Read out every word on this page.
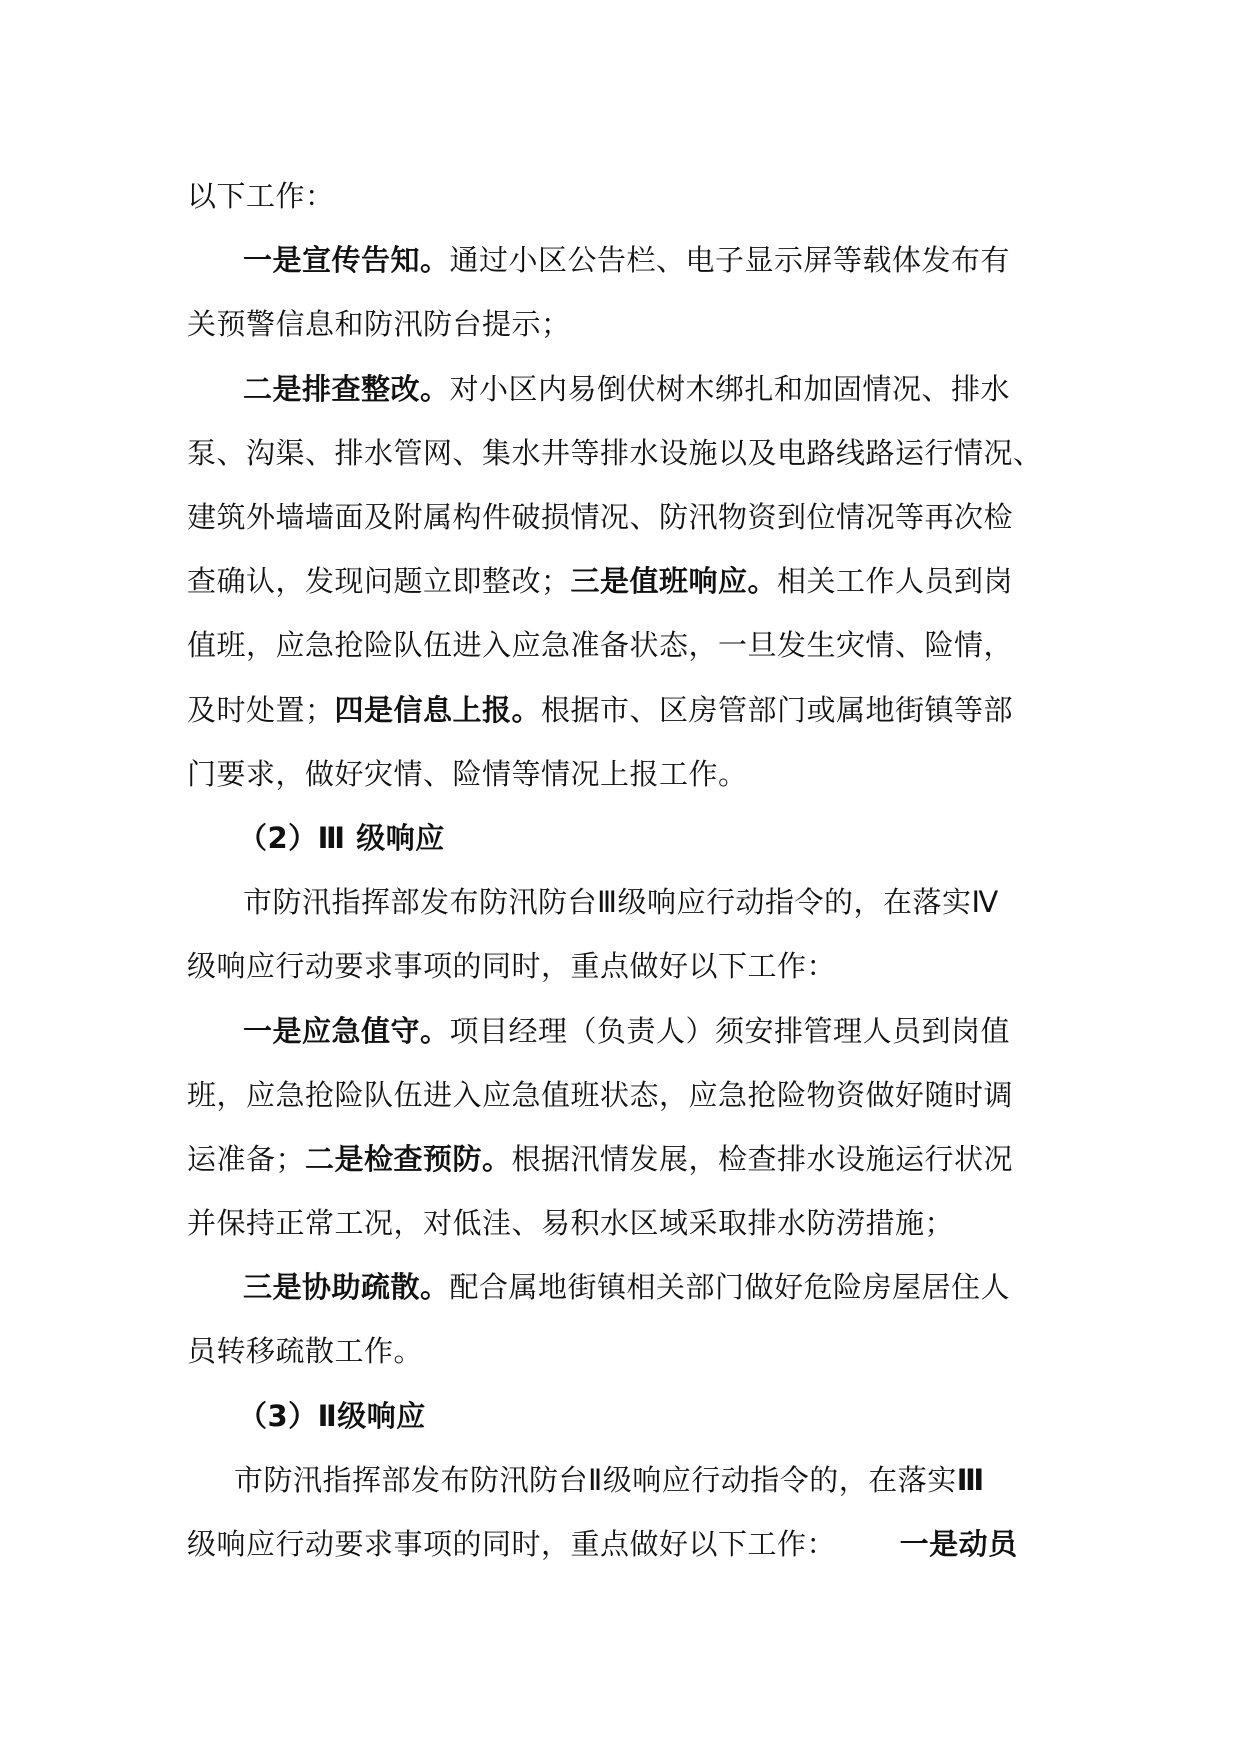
以下工作：

一是宣传告知。通过小区公告栏、电子显示屏等载体发布有

关预警信息和防汛防台提示；

二是排查整改。对小区内易倒伏树木绑扎和加固情况、排水

泵、沟渠、排水管网、集水井等排水设施以及电路线路运行情况、

建筑外墙墙面及附属构件破损情况、防汛物资到位情况等再次检

查确认，发现问题立即整改；三是值班响应。相关工作人员到岗

值班，应急抢险队伍进入应急准备状态，一旦发生灾情、险情，

及时处置；四是信息上报。根据市、区房管部门或属地街镇等部

门要求，做好灾情、险情等情况上报工作。

（2）Ⅲ 级响应

市防汛指挥部发布防汛防台Ⅲ级响应行动指令的，在落实Ⅳ

级响应行动要求事项的同时，重点做好以下工作：

一是应急值守。项目经理（负责人）须安排管理人员到岗值

班，应急抢险队伍进入应急值班状态，应急抢险物资做好随时调

运准备；二是检查预防。根据汛情发展，检查排水设施运行状况

并保持正常工况，对低洼、易积水区域采取排水防涝措施；

三是协助疏散。配合属地街镇相关部门做好危险房屋居住人

员转移疏散工作。

（3）Ⅱ级响应

市防汛指挥部发布防汛防台Ⅱ级响应行动指令的，在落实Ⅲ

级响应行动要求事项的同时，重点做好以下工作：      一是动员
